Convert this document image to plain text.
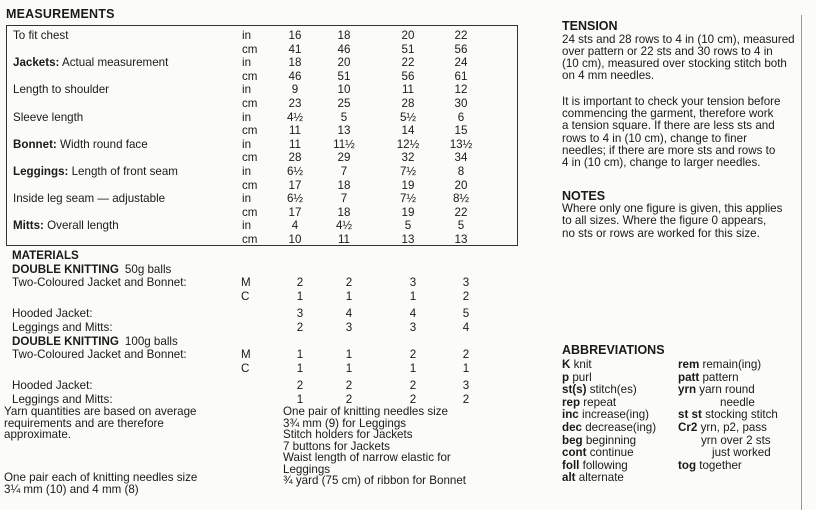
MEASUREMENTS
To fit chest	in	16	18	20	22
cm	41	46	51	56
Jackets: Actual measurement	in	18	20	22	24
cm	46	51	56	61
Length to shoulder	in	9	10	11	12
cm	23	25	28	30
Sleeve length	in	4½	5	5½	6
cm	11	13	14	15
Bonnet: Width round face	in	11	11½	12½	13½
cm	28	29	32	34
Leggings: Length of front seam	in	6½	7	7½	8
cm	17	18	19	20
Inside leg seam — adjustable	in	6½	7	7½	8½
cm	17	18	19	22
Mitts: Overall length	in	4	4½	5	5
cm	10	11	13	13
MATERIALS
DOUBLE KNITTING 50g balls
Two-Coloured Jacket and Bonnet:	M	2	2	3	3
C	1	1	1	2
Hooded Jacket:	3	4	4	5
Leggings and Mitts:	2	3	3	4
DOUBLE KNITTING 100g balls
Two-Coloured Jacket and Bonnet:	M	1	1	2	2
C	1	1	1	1
Hooded Jacket:	2	2	2	3
Leggings and Mitts:	1	2	2	2
Yarn quantities are based on average
requirements and are therefore
approximate.
One pair each of knitting needles size
3¼ mm (10) and 4 mm (8)
One pair of knitting needles size
3¾ mm (9) for Leggings
Stitch holders for Jackets
7 buttons for Jackets
Waist length of narrow elastic for
Leggings
¾ yard (75 cm) of ribbon for Bonnet
TENSION
24 sts and 28 rows to 4 in (10 cm), measured
over pattern or 22 sts and 30 rows to 4 in
(10 cm), measured over stocking stitch both
on 4 mm needles.
It is important to check your tension before
commencing the garment, therefore work
a tension square. If there are less sts and
rows to 4 in (10 cm), change to finer
needles; if there are more sts and rows to
4 in (10 cm), change to larger needles.
NOTES
Where only one figure is given, this applies
to all sizes. Where the figure 0 appears,
no sts or rows are worked for this size.
ABBREVIATIONS
K knit
p purl
st(s) stitch(es)
rep repeat
inc increase(ing)
dec decrease(ing)
beg beginning
cont continue
foll following
alt alternate
rem remain(ing)
patt pattern
yrn yarn round
needle
st st stocking stitch
Cr2 yrn, p2, pass
yrn over 2 sts
just worked
tog together
